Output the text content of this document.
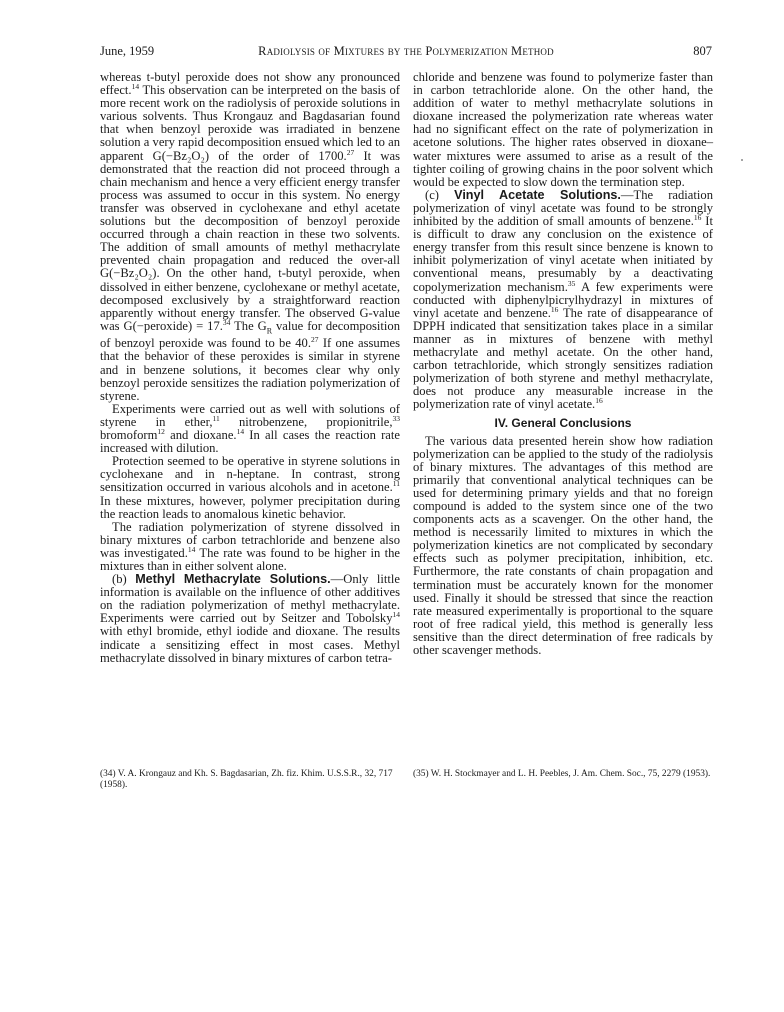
June, 1959	Radiolysis of Mixtures by the Polymerization Method	807

whereas t-butyl peroxide does not show any pronounced effect.$^{14}$ This observation can be interpreted on the basis of more recent work on the radiolysis of peroxide solutions in various solvents. Thus Krongauz and Bagdasarian found that when benzoyl peroxide was irradiated in benzene solution a very rapid decomposition ensued which led to an apparent G(−Bz₂O₂) of the order of 1700.27 It was demonstrated that the reaction did not proceed through a chain mechanism and hence a very efficient energy transfer process was assumed to occur in this system. No energy transfer was observed in cyclohexane and ethyl acetate solutions but the decomposition of benzoyl peroxide occurred through a chain reaction in these two solvents. The addition of small amounts of methyl methacrylate prevented chain propagation and reduced the over-all G(−Bz₂O₂). On the other hand, t-butyl peroxide, when dissolved in either benzene, cyclohexane or methyl acetate, decomposed exclusively by a straightforward reaction apparently without energy transfer. The observed G-value was G(−peroxide) = 17.34 The $G_R$ value for decomposition of benzoyl peroxide was found to be 40.27 If one assumes that the behavior of these peroxides is similar in styrene and in benzene solutions, it becomes clear why only benzoyl peroxide sensitizes the radiation polymerization of styrene.

Experiments were carried out as well with solutions of styrene in ether,$^{11}$ nitrobenzene, propionitrile,$^{33}$ bromoform$^{12}$ and dioxane.$^{14}$ In all cases the reaction rate increased with dilution.

Protection seemed to be operative in styrene solutions in cyclohexane and in n-heptane. In contrast, strong sensitization occurred in various alcohols and in acetone.$^{11}$ In these mixtures, however, polymer precipitation during the reaction leads to anomalous kinetic behavior.

The radiation polymerization of styrene dissolved in binary mixtures of carbon tetrachloride and benzene also was investigated.$^{14}$ The rate was found to be higher in the mixtures than in either solvent alone.

(b) Methyl Methacrylate Solutions.—Only little information is available on the influence of other additives on the radiation polymerization of methyl methacrylate. Experiments were carried out by Seitzer and Tobolsky$^{14}$ with ethyl bromide, ethyl iodide and dioxane. The results indicate a sensitizing effect in most cases. Methyl methacrylate dissolved in binary mixtures of carbon tetra-

chloride and benzene was found to polymerize faster than in carbon tetrachloride alone. On the other hand, the addition of water to methyl methacrylate solutions in dioxane increased the polymerization rate whereas water had no significant effect on the rate of polymerization in acetone solutions. The higher rates observed in dioxane–water mixtures were assumed to arise as a result of the tighter coiling of growing chains in the poor solvent which would be expected to slow down the termination step.

(c) Vinyl Acetate Solutions.—The radiation polymerization of vinyl acetate was found to be strongly inhibited by the addition of small amounts of benzene.$^{16}$ It is difficult to draw any conclusion on the existence of energy transfer from this result since benzene is known to inhibit polymerization of vinyl acetate when initiated by conventional means, presumably by a deactivating copolymerization mechanism.$^{35}$ A few experiments were conducted with diphenylpicrylhydrazyl in mixtures of vinyl acetate and benzene.$^{16}$ The rate of disappearance of DPPH indicated that sensitization takes place in a similar manner as in mixtures of benzene with methyl methacrylate and methyl acetate. On the other hand, carbon tetrachloride, which strongly sensitizes radiation polymerization of both styrene and methyl methacrylate, does not produce any measurable increase in the polymerization rate of vinyl acetate.$^{16}$

IV. General Conclusions

The various data presented herein show how radiation polymerization can be applied to the study of the radiolysis of binary mixtures. The advantages of this method are primarily that conventional analytical techniques can be used for determining primary yields and that no foreign compound is added to the system since one of the two components acts as a scavenger. On the other hand, the method is necessarily limited to mixtures in which the polymerization kinetics are not complicated by secondary effects such as polymer precipitation, inhibition, etc. Furthermore, the rate constants of chain propagation and termination must be accurately known for the monomer used. Finally it should be stressed that since the reaction rate measured experimentally is proportional to the square root of free radical yield, this method is generally less sensitive than the direct determination of free radicals by other scavenger methods.

(34) V. A. Krongauz and Kh. S. Bagdasarian, Zh. fiz. Khim. U.S.S.R., 32, 717 (1958).
(35) W. H. Stockmayer and L. H. Peebles, J. Am. Chem. Soc., 75, 2279 (1953).
